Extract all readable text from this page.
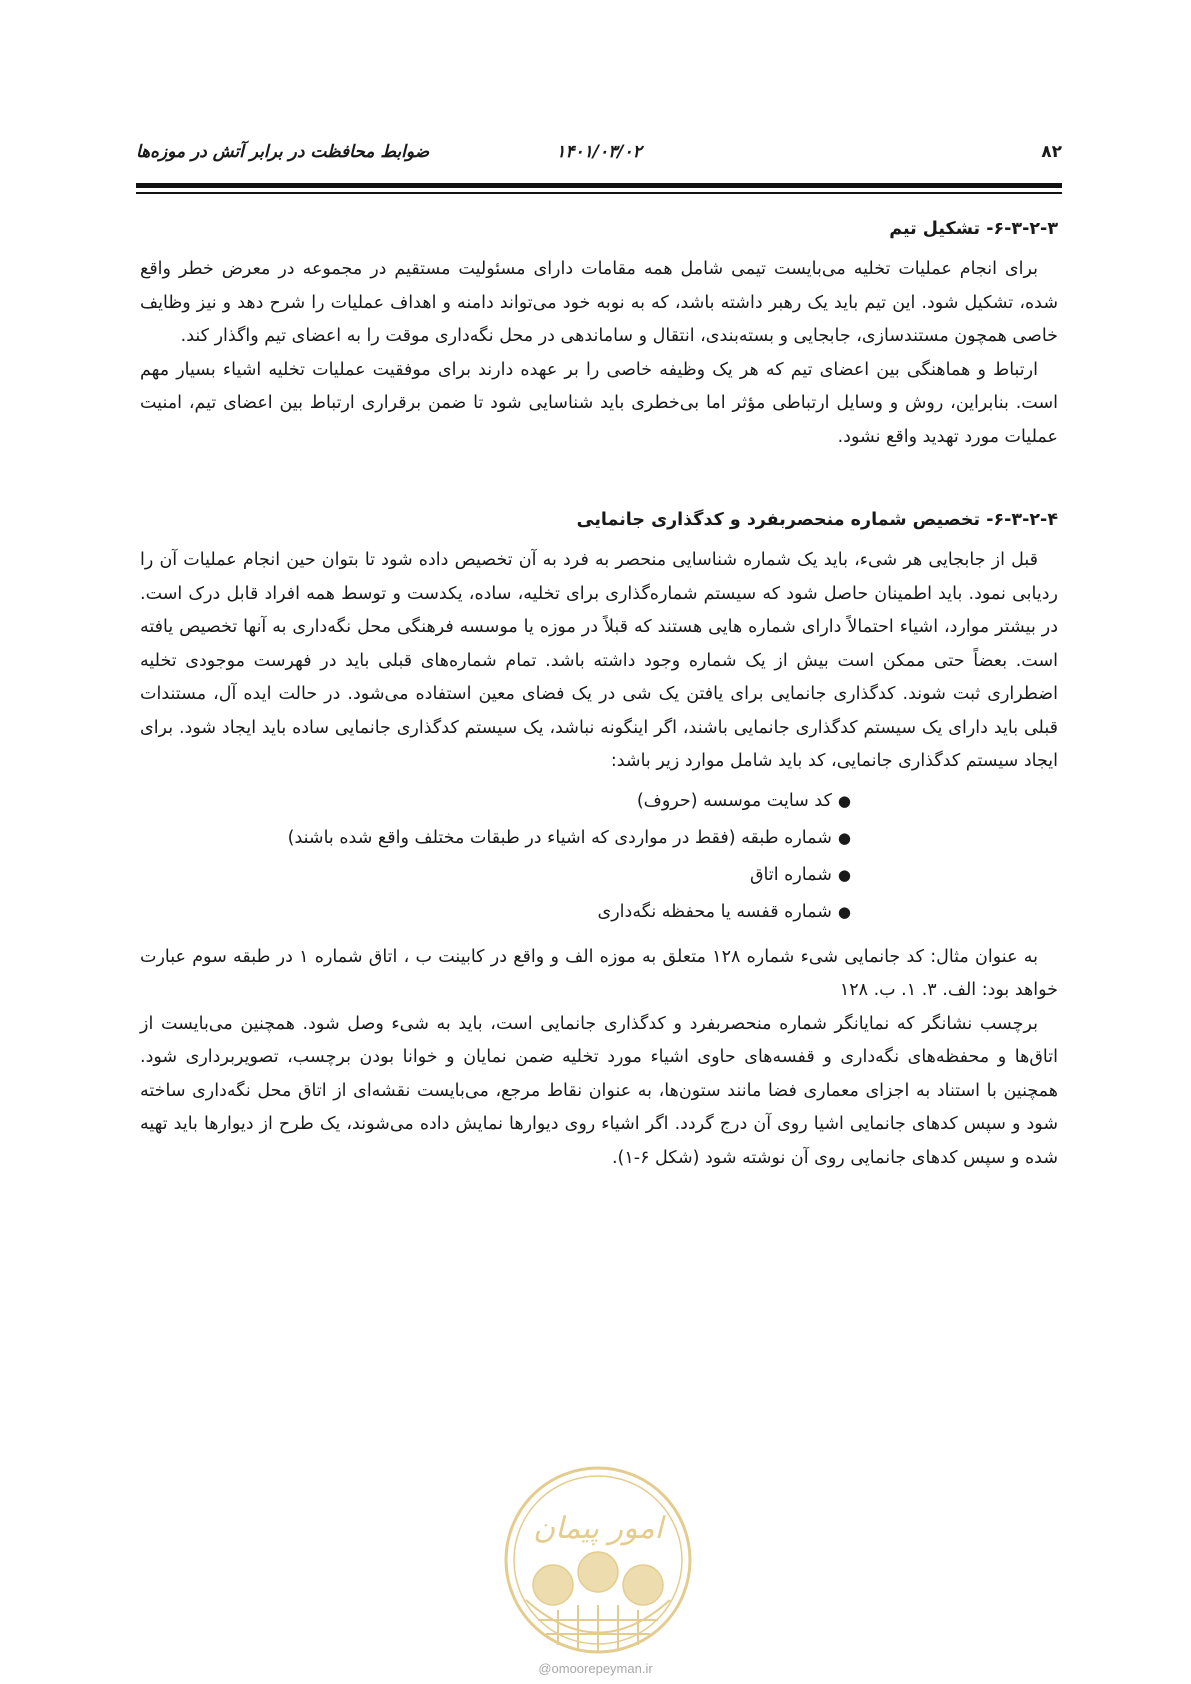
۸۲
۱۴۰۱/۰۳/۰۲
ضوابط محافظت در برابر آتش در موزه‌ها
۶-۳-۲-۳- تشکیل تیم

برای انجام عملیات تخلیه می‌بایست تیمی شامل همه مقامات دارای مسئولیت مستقیم در مجموعه در معرض خطر واقع شده، تشکیل شود. این تیم باید یک رهبر داشته باشد، که به نوبه خود می‌تواند دامنه و اهداف عملیات را شرح دهد و نیز وظایف خاصی همچون مستندسازی، جابجایی و بسته‌بندی، انتقال و ساماندهی در محل نگه‌داری موقت را به اعضای تیم واگذار کند.

ارتباط و هماهنگی بین اعضای تیم که هر یک وظیفه خاصی را بر عهده دارند برای موفقیت عملیات تخلیه اشیاء بسیار مهم است. بنابراین، روش و وسایل ارتباطی مؤثر اما بی‌خطری باید شناسایی شود تا ضمن برقراری ارتباط بین اعضای تیم، امنیت عملیات مورد تهدید واقع نشود.

۶-۳-۲-۴- تخصیص شماره منحصربفرد و کدگذاری جانمایی

قبل از جابجایی هر شیء، باید یک شماره شناسایی منحصر به فرد به آن تخصیص داده شود تا بتوان حین انجام عملیات آن را ردیابی نمود. باید اطمینان حاصل شود که سیستم شماره‌گذاری برای تخلیه، ساده، یکدست و توسط همه افراد قابل درک است. در بیشتر موارد، اشیاء احتمالاً دارای شماره هایی هستند که قبلاً در موزه یا موسسه فرهنگی محل نگه‌داری به آنها تخصیص یافته است. بعضاً حتی ممکن است بیش از یک شماره وجود داشته باشد. تمام شماره‌های قبلی باید در فهرست موجودی تخلیه اضطراری ثبت شوند. کدگذاری جانمایی برای یافتن یک شی در یک فضای معین استفاده می‌شود. در حالت ایده آل، مستندات قبلی باید دارای یک سیستم کدگذاری جانمایی باشند، اگر اینگونه نباشد، یک سیستم کدگذاری جانمایی ساده باید ایجاد شود. برای ایجاد سیستم کدگذاری جانمایی، کد باید شامل موارد زیر باشد:

●کد سایت موسسه (حروف)
●شماره طبقه (فقط در مواردی که اشیاء در طبقات مختلف واقع شده باشند)
●شماره اتاق
●شماره قفسه یا محفظه نگه‌داری

به عنوان مثال: کد جانمایی شیء شماره ۱۲۸ متعلق به موزه الف و واقع در کابینت ب ، اتاق شماره ۱ در طبقه سوم عبارت خواهد بود: الف. ۳. ۱. ب. ۱۲۸

برچسب نشانگر که نمایانگر شماره منحصربفرد و کدگذاری جانمایی است، باید به شیء وصل شود. همچنین می‌بایست از اتاق‌ها و محفظه‌های نگه‌داری و قفسه‌های حاوی اشیاء مورد تخلیه ضمن نمایان و خوانا بودن برچسب، تصویربرداری شود. همچنین با استناد به اجزای معماری فضا مانند ستون‌ها، به عنوان نقاط مرجع، می‌بایست نقشه‌ای از اتاق محل نگه‌داری ساخته شود و سپس کدهای جانمایی اشیا روی آن درج گردد. اگر اشیاء روی دیوارها نمایش داده می‌شوند، یک طرح از دیوارها باید تهیه شده و سپس کدهای جانمایی روی آن نوشته شود (شکل ۶-۱).

امور پیمان
@omoorepeyman.ir
